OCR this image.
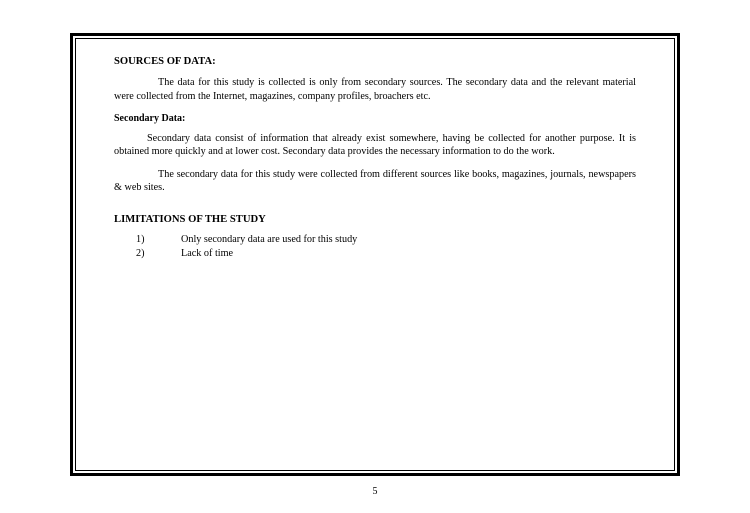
SOURCES OF DATA:

The data for this study is collected is only from secondary sources. The secondary data and the relevant material were collected from the Internet, magazines, company profiles, broachers etc.

Secondary Data:

Secondary data consist of information that already exist somewhere, having be collected for another purpose. It is obtained more quickly and at lower cost. Secondary data provides the necessary information to do the work.

The secondary data for this study were collected from different sources like books, magazines, journals, newspapers & web sites.

LIMITATIONS OF THE STUDY

1)	Only secondary data are used for this study
2)	Lack of time
5
